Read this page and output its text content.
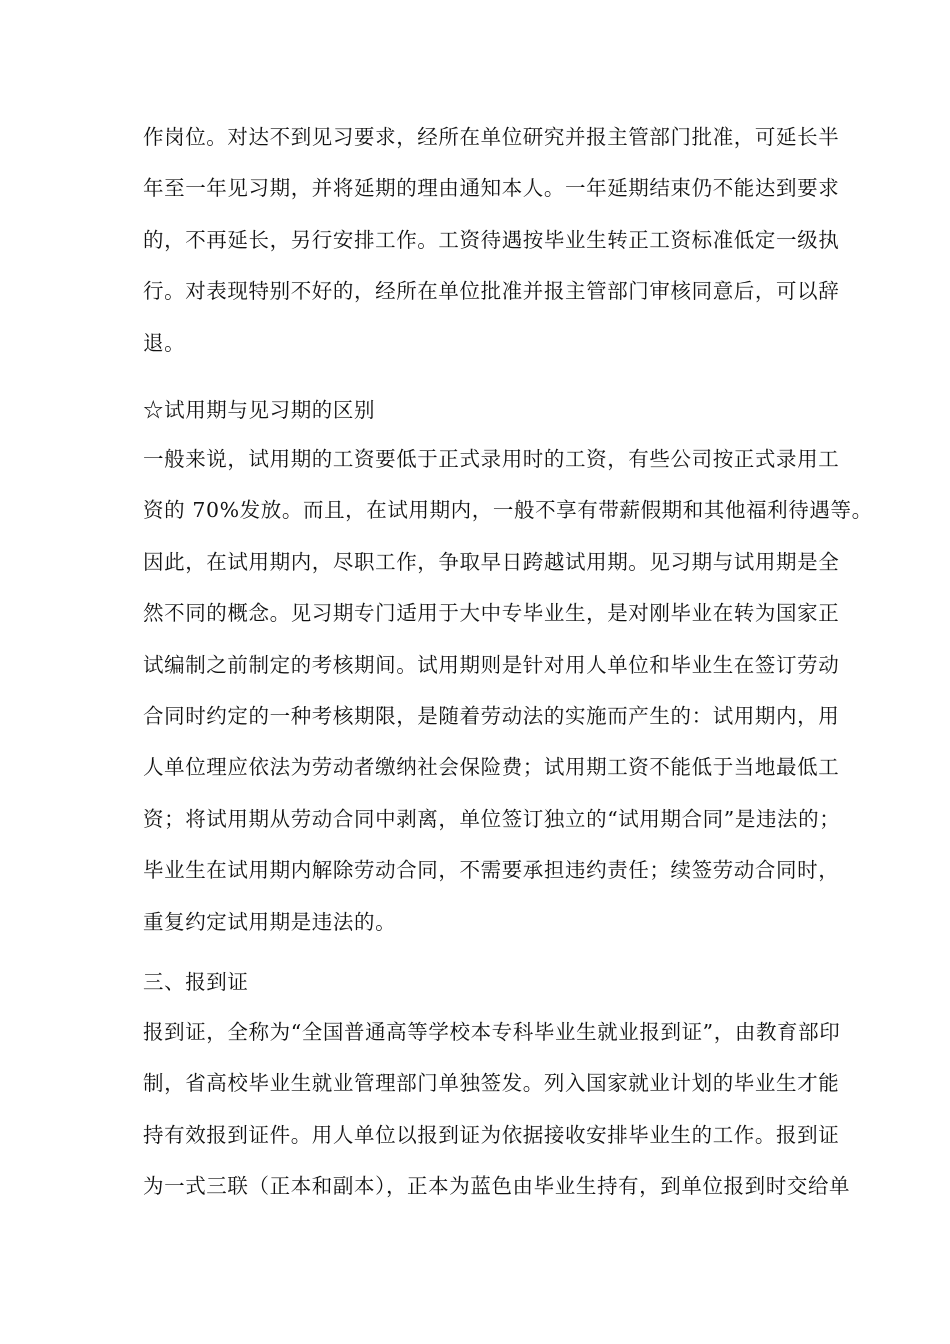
作岗位。对达不到见习要求，经所在单位研究并报主管部门批准，可延长半
年至一年见习期，并将延期的理由通知本人。一年延期结束仍不能达到要求
的，不再延长，另行安排工作。工资待遇按毕业生转正工资标准低定一级执
行。对表现特别不好的，经所在单位批准并报主管部门审核同意后，可以辞
退。
☆试用期与见习期的区别
一般来说，试用期的工资要低于正式录用时的工资，有些公司按正式录用工
资的 70%发放。而且，在试用期内，一般不享有带薪假期和其他福利待遇等。
因此，在试用期内，尽职工作，争取早日跨越试用期。见习期与试用期是全
然不同的概念。见习期专门适用于大中专毕业生，是对刚毕业在转为国家正
试编制之前制定的考核期间。试用期则是针对用人单位和毕业生在签订劳动
合同时约定的一种考核期限，是随着劳动法的实施而产生的：试用期内，用
人单位理应依法为劳动者缴纳社会保险费；试用期工资不能低于当地最低工
资；将试用期从劳动合同中剥离，单位签订独立的“试用期合同”是违法的；
毕业生在试用期内解除劳动合同，不需要承担违约责任；续签劳动合同时，
重复约定试用期是违法的。
三、报到证
报到证，全称为“全国普通高等学校本专科毕业生就业报到证”，由教育部印
制，省高校毕业生就业管理部门单独签发。列入国家就业计划的毕业生才能
持有效报到证件。用人单位以报到证为依据接收安排毕业生的工作。报到证
为一式三联（正本和副本），正本为蓝色由毕业生持有，到单位报到时交给单
